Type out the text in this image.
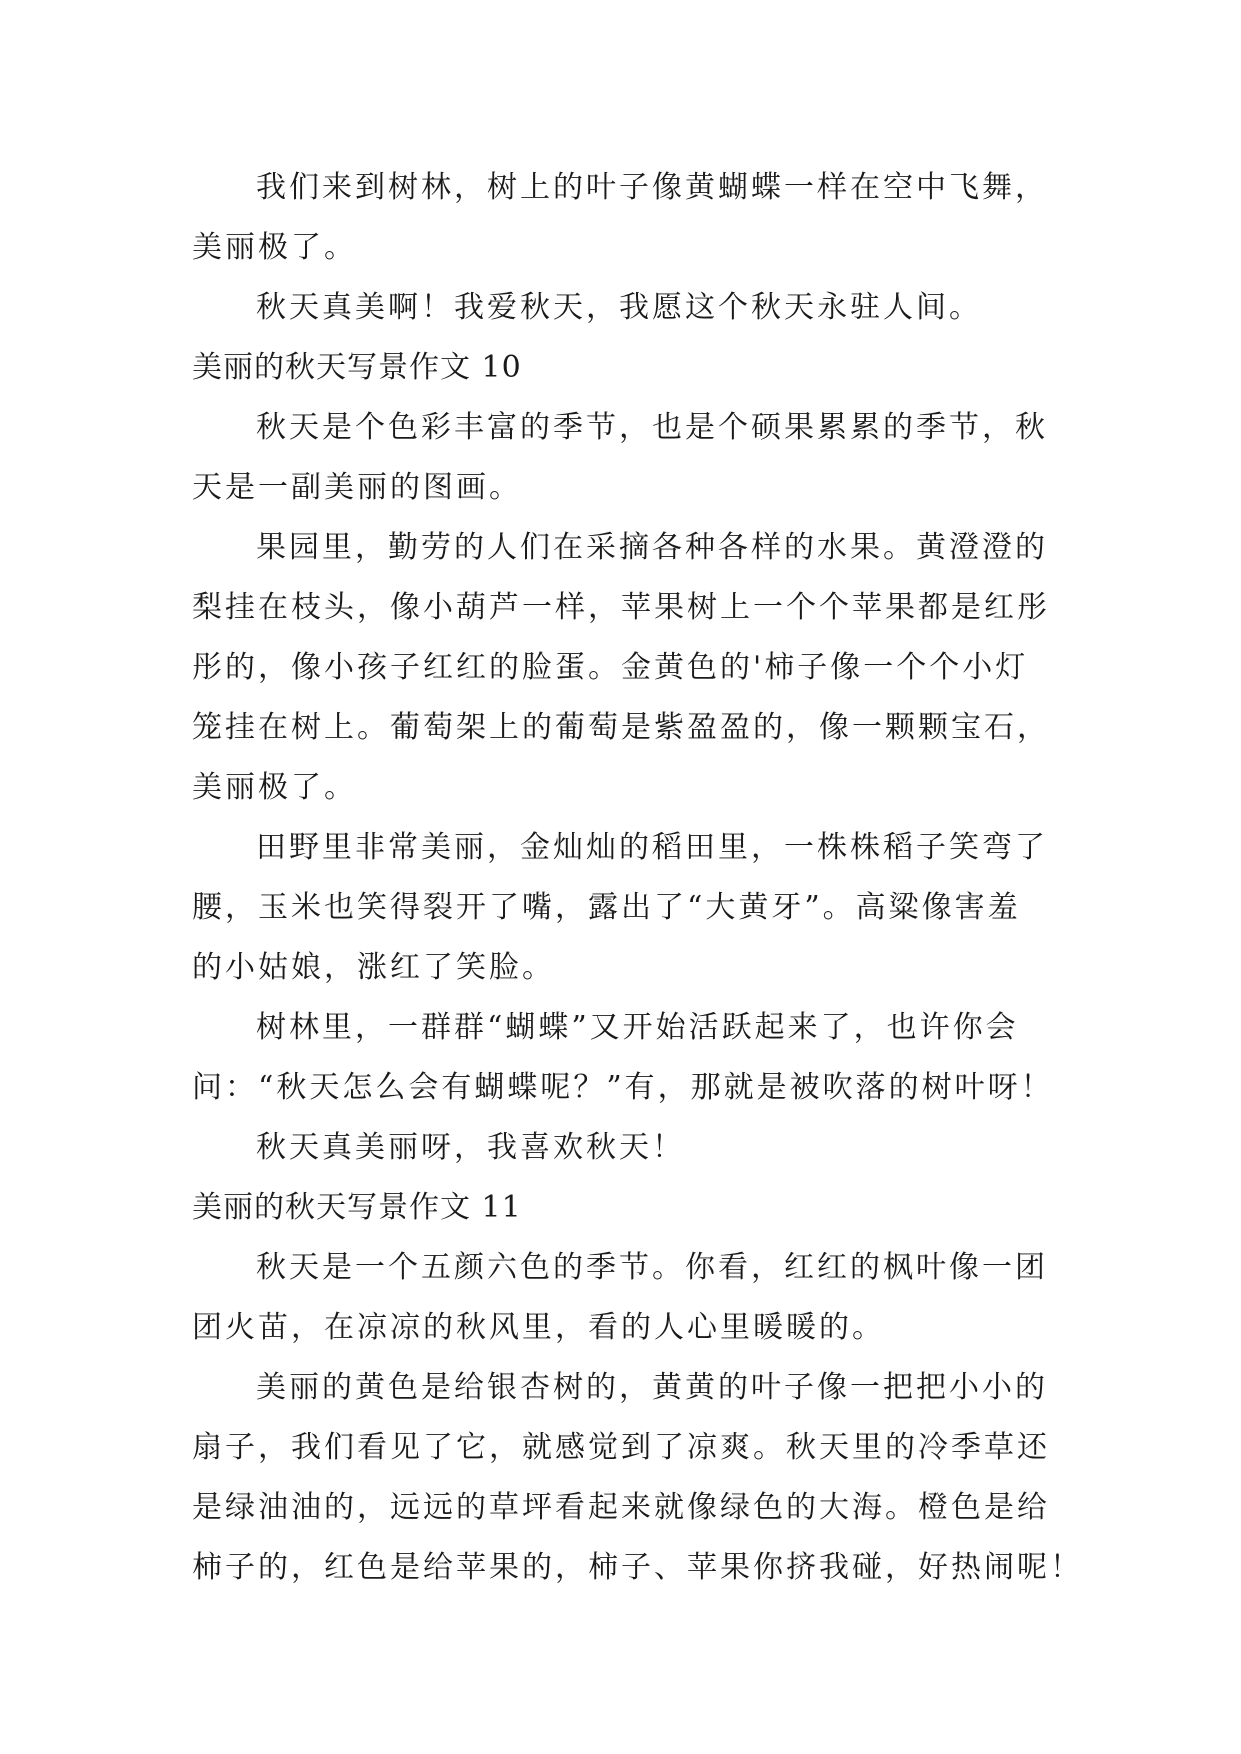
我们来到树林，树上的叶子像黄蝴蝶一样在空中飞舞，
美丽极了。
秋天真美啊！我爱秋天，我愿这个秋天永驻人间。
美丽的秋天写景作文 10
秋天是个色彩丰富的季节，也是个硕果累累的季节，秋
天是一副美丽的图画。
果园里，勤劳的人们在采摘各种各样的水果。黄澄澄的
梨挂在枝头，像小葫芦一样，苹果树上一个个苹果都是红彤
彤的，像小孩子红红的脸蛋。金黄色的'柿子像一个个小灯
笼挂在树上。葡萄架上的葡萄是紫盈盈的，像一颗颗宝石，
美丽极了。
田野里非常美丽，金灿灿的稻田里，一株株稻子笑弯了
腰，玉米也笑得裂开了嘴，露出了“大黄牙”。高粱像害羞
的小姑娘，涨红了笑脸。
树林里，一群群“蝴蝶”又开始活跃起来了，也许你会
问：“秋天怎么会有蝴蝶呢？”有，那就是被吹落的树叶呀！
秋天真美丽呀，我喜欢秋天！
美丽的秋天写景作文 11
秋天是一个五颜六色的季节。你看，红红的枫叶像一团
团火苗，在凉凉的秋风里，看的人心里暖暖的。
美丽的黄色是给银杏树的，黄黄的叶子像一把把小小的
扇子，我们看见了它，就感觉到了凉爽。秋天里的冷季草还
是绿油油的，远远的草坪看起来就像绿色的大海。橙色是给
柿子的，红色是给苹果的，柿子、苹果你挤我碰，好热闹呢！
